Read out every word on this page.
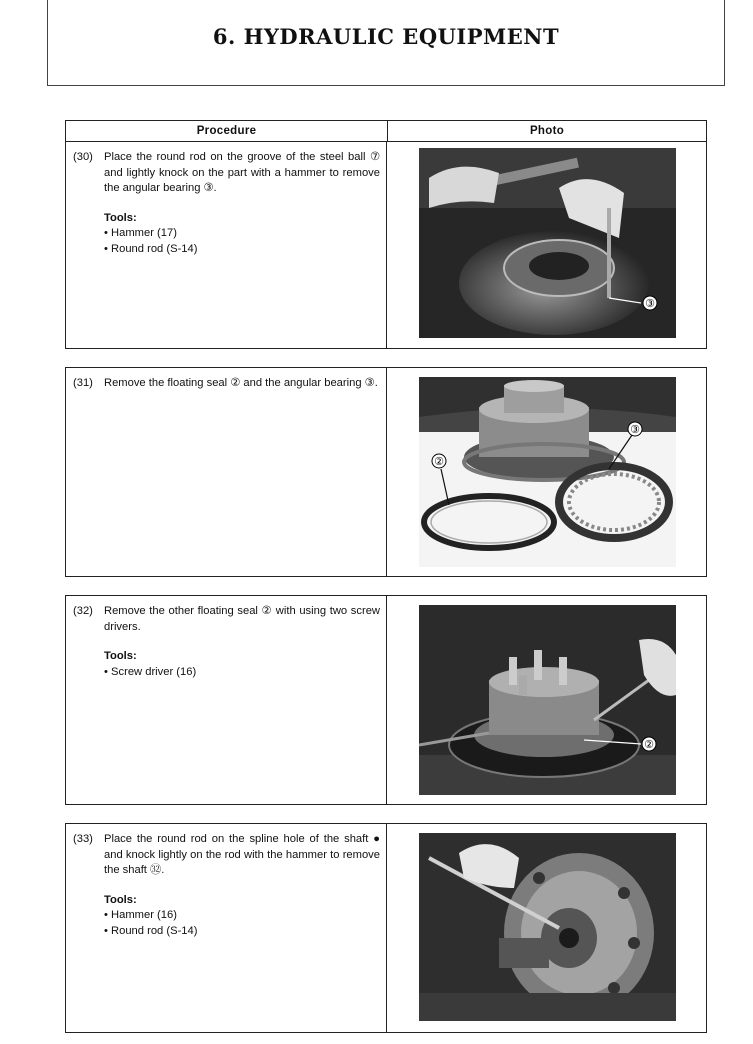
6. HYDRAULIC EQUIPMENT
Procedure	Photo
(30) Place the round rod on the groove of the steel ball ⑦ and lightly knock on the part with a hammer to remove the angular bearing ③.
Tools:
• Hammer (17)
• Round rod (S-14)
③
(31) Remove the floating seal ② and the angular bearing ③.
②
③
(32) Remove the other floating seal ② with using two screw drivers.
Tools:
• Screw driver (16)
②
(33) Place the round rod on the spline hole of the shaft ● and knock lightly on the rod with the hammer to remove the shaft ㉜.
Tools:
• Hammer (16)
• Round rod (S-14)
